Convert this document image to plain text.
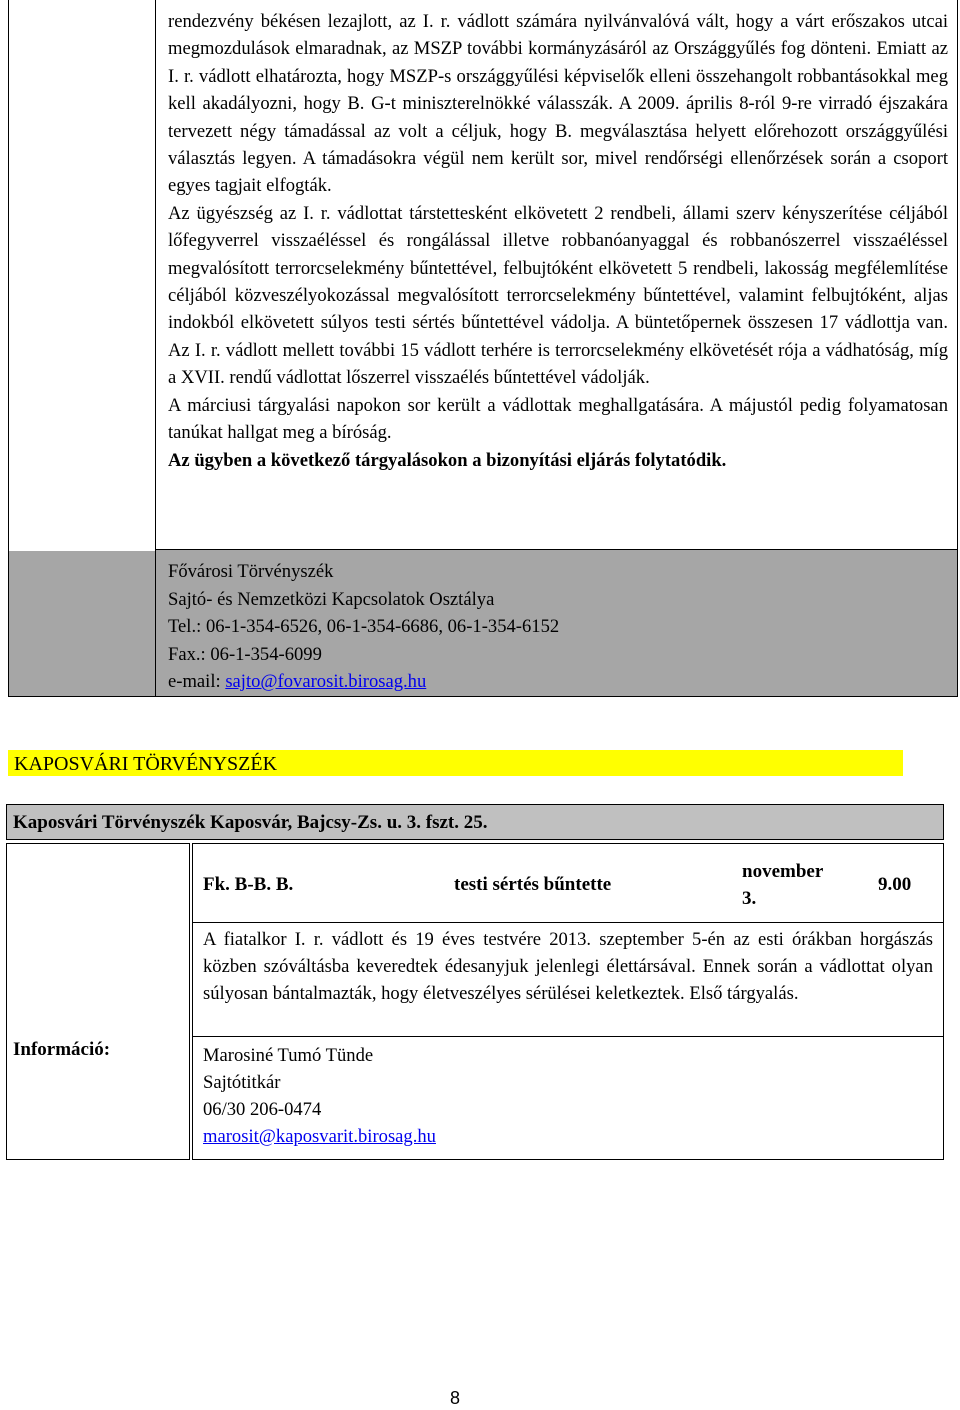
rendezvény békésen lezajlott, az I. r. vádlott számára nyilvánvalóvá vált, hogy a várt erőszakos utcai megmozdulások elmaradnak, az MSZP további kormányzásáról az Országgyűlés fog dönteni. Emiatt az I. r. vádlott elhatározta, hogy MSZP-s országgyűlési képviselők elleni összehangolt robbantásokkal meg kell akadályozni, hogy B. G-t miniszterelnökké válasszák. A 2009. április 8-ról 9-re virradó éjszakára tervezett négy támadással az volt a céljuk, hogy B. megválasztása helyett előrehozott országgyűlési választás legyen. A támadásokra végül nem került sor, mivel rendőrségi ellenőrzések során a csoport egyes tagjait elfogták.

Az ügyészség az I. r. vádlottat társtettesként elkövetett 2 rendbeli, állami szerv kényszerítése céljából lőfegyverrel visszaéléssel és rongálással illetve robbanóanyaggal és robbanószerrel visszaéléssel megvalósított terrorcselekmény bűntettével, felbujtóként elkövetett 5 rendbeli, lakosság megfélemlítése céljából közveszélyokozással megvalósított terrorcselekmény bűntettével, valamint felbujtóként, aljas indokból elkövetett súlyos testi sértés bűntettével vádolja. A büntetőpernek összesen 17 vádlottja van. Az I. r. vádlott mellett további 15 vádlott terhére is terrorcselekmény elkövetését rója a vádhatóság, míg a XVII. rendű vádlottat lőszerrel visszaélés bűntettével vádolják.

A márciusi tárgyalási napokon sor került a vádlottak meghallgatására. A májustól pedig folyamatosan tanúkat hallgat meg a bíróság.

Az ügyben a következő tárgyalásokon a bizonyítási eljárás folytatódik.

Fővárosi Törvényszék
Sajtó- és Nemzetközi Kapcsolatok Osztálya
Tel.: 06-1-354-6526, 06-1-354-6686, 06-1-354-6152
Fax.: 06-1-354-6099
e-mail: sajto@fovarosit.birosag.hu
KAPOSVÁRI TÖRVÉNYSZÉK
Kaposvári Törvényszék Kaposvár, Bajcsy-Zs. u. 3. fszt. 25.
Információ:
Fk. B-B. B.	testi sértés bűntette
november
3.
9.00
A fiatalkor I. r. vádlott és 19 éves testvére 2013. szeptember 5-én az esti órákban horgászás közben szóváltásba keveredtek édesanyjuk jelenlegi élettársával. Ennek során a vádlottat olyan súlyosan bántalmazták, hogy életveszélyes sérülései keletkeztek. Első tárgyalás.
Marosiné Tumó Tünde
Sajtótitkár
06/30 206-0474
marosit@kaposvarit.birosag.hu
8
